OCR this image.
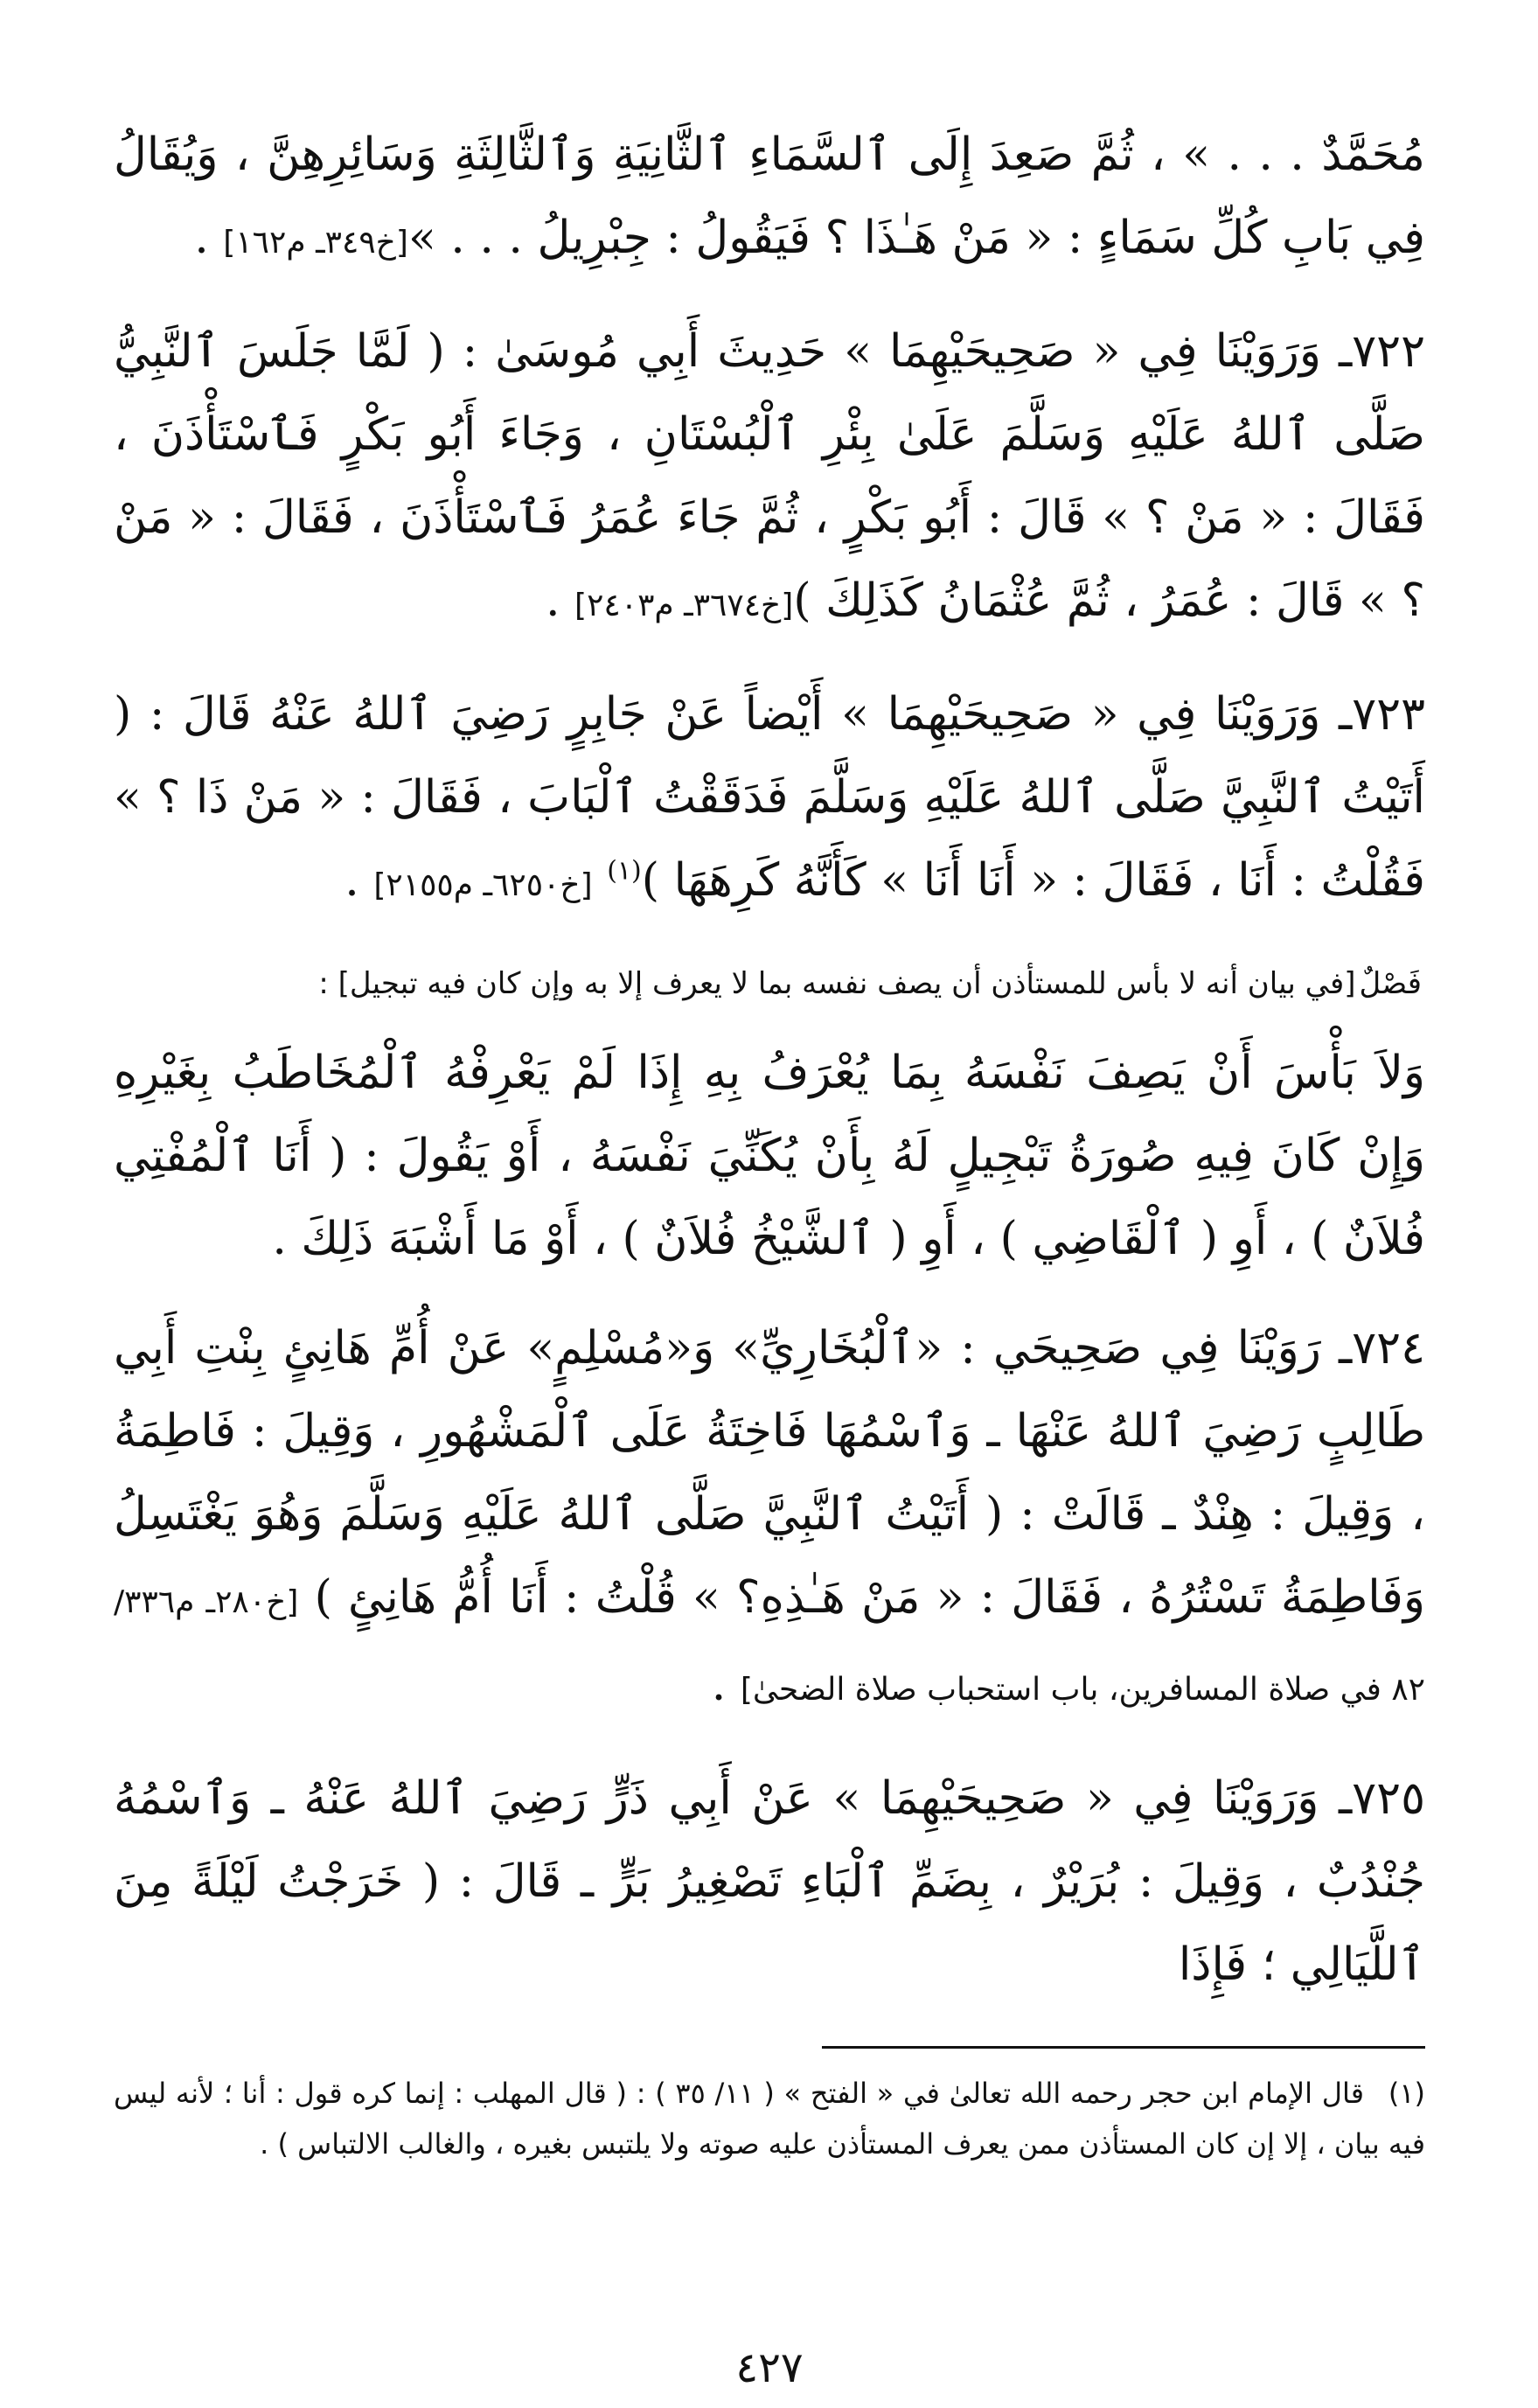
مُحَمَّدٌ . . . » ، ثُمَّ صَعِدَ إِلَى ٱلسَّمَاءِ ٱلثَّانِيَةِ وَٱلثَّالِثَةِ وَسَائِرِهِنَّ ، وَيُقَالُ فِي بَابِ كُلِّ سَمَاءٍ : « مَنْ هَـٰذَا ؟ فَيَقُولُ : جِبْرِيلُ . . . »[خ٣٤٩ـ م١٦٢] .

٧٢٢ـ وَرَوَيْنَا فِي « صَحِيحَيْهِمَا » حَدِيثَ أَبِي مُوسَىٰ : ( لَمَّا جَلَسَ ٱلنَّبِيُّ صَلَّى ٱللهُ عَلَيْهِ وَسَلَّمَ عَلَىٰ بِئْرِ ٱلْبُسْتَانِ ، وَجَاءَ أَبُو بَكْرٍ فَٱسْتَأْذَنَ ، فَقَالَ : « مَنْ ؟ » قَالَ : أَبُو بَكْرٍ ، ثُمَّ جَاءَ عُمَرُ فَٱسْتَأْذَنَ ، فَقَالَ : « مَنْ ؟ » قَالَ : عُمَرُ ، ثُمَّ عُثْمَانُ كَذَلِكَ )[خ٣٦٧٤ـ م٢٤٠٣] .

٧٢٣ـ وَرَوَيْنَا فِي « صَحِيحَيْهِمَا » أَيْضاً عَنْ جَابِرٍ رَضِيَ ٱللهُ عَنْهُ قَالَ : ( أَتَيْتُ ٱلنَّبِيَّ صَلَّى ٱللهُ عَلَيْهِ وَسَلَّمَ فَدَقَقْتُ ٱلْبَابَ ، فَقَالَ : « مَنْ ذَا ؟ » فَقُلْتُ : أَنَا ، فَقَالَ : « أَنَا أَنَا » كَأَنَّهُ كَرِهَهَا )$^{(١)}$ [خ٦٢٥٠ـ م٢١٥٥] .

فَصْلٌ[في بيان أنه لا بأس للمستأذن أن يصف نفسه بما لا يعرف إلا به وإن كان فيه تبجيل] :

وَلاَ بَأْسَ أَنْ يَصِفَ نَفْسَهُ بِمَا يُعْرَفُ بِهِ إِذَا لَمْ يَعْرِفْهُ ٱلْمُخَاطَبُ بِغَيْرِهِ وَإِنْ كَانَ فِيهِ صُورَةُ تَبْجِيلٍ لَهُ بِأَنْ يُكَنِّيَ نَفْسَهُ ، أَوْ يَقُولَ : ( أَنَا ٱلْمُفْتِي فُلاَنٌ ) ، أَوِ ( ٱلْقَاضِي ) ، أَوِ ( ٱلشَّيْخُ فُلاَنٌ ) ، أَوْ مَا أَشْبَهَ ذَلِكَ .

٧٢٤ـ رَوَيْنَا فِي صَحِيحَي : «ٱلْبُخَارِيِّ» وَ«مُسْلِمٍ» عَنْ أُمِّ هَانِئٍ بِنْتِ أَبِي طَالِبٍ رَضِيَ ٱللهُ عَنْهَا ـ وَٱسْمُهَا فَاخِتَةُ عَلَى ٱلْمَشْهُورِ ، وَقِيلَ : فَاطِمَةُ ، وَقِيلَ : هِنْدٌ ـ قَالَتْ : ( أَتَيْتُ ٱلنَّبِيَّ صَلَّى ٱللهُ عَلَيْهِ وَسَلَّمَ وَهُوَ يَغْتَسِلُ وَفَاطِمَةُ تَسْتُرُهُ ، فَقَالَ : « مَنْ هَـٰذِهِ؟ » قُلْتُ : أَنَا أُمُّ هَانِئٍ ) [خ٢٨٠ـ م٣٣٦/ ٨٢ في صلاة المسافرين، باب استحباب صلاة الضحىٰ] .

٧٢٥ـ وَرَوَيْنَا فِي « صَحِيحَيْهِمَا » عَنْ أَبِي ذَرٍّ رَضِيَ ٱللهُ عَنْهُ ـ وَٱسْمُهُ جُنْدُبٌ ، وَقِيلَ : بُرَيْرٌ ، بِضَمِّ ٱلْبَاءِ تَصْغِيرُ بَرٍّ ـ قَالَ : ( خَرَجْتُ لَيْلَةً مِنَ ٱللَّيَالِي ؛ فَإِذَا

(١)قال الإمام ابن حجر رحمه الله تعالىٰ في « الفتح » ( ١١/ ٣٥ ) : ( قال المهلب : إنما كره قول : أنا ؛ لأنه ليس فيه بيان ، إلا إن كان المستأذن ممن يعرف المستأذن عليه صوته ولا يلتبس بغيره ، والغالب الالتباس ) .
٤٢٧
